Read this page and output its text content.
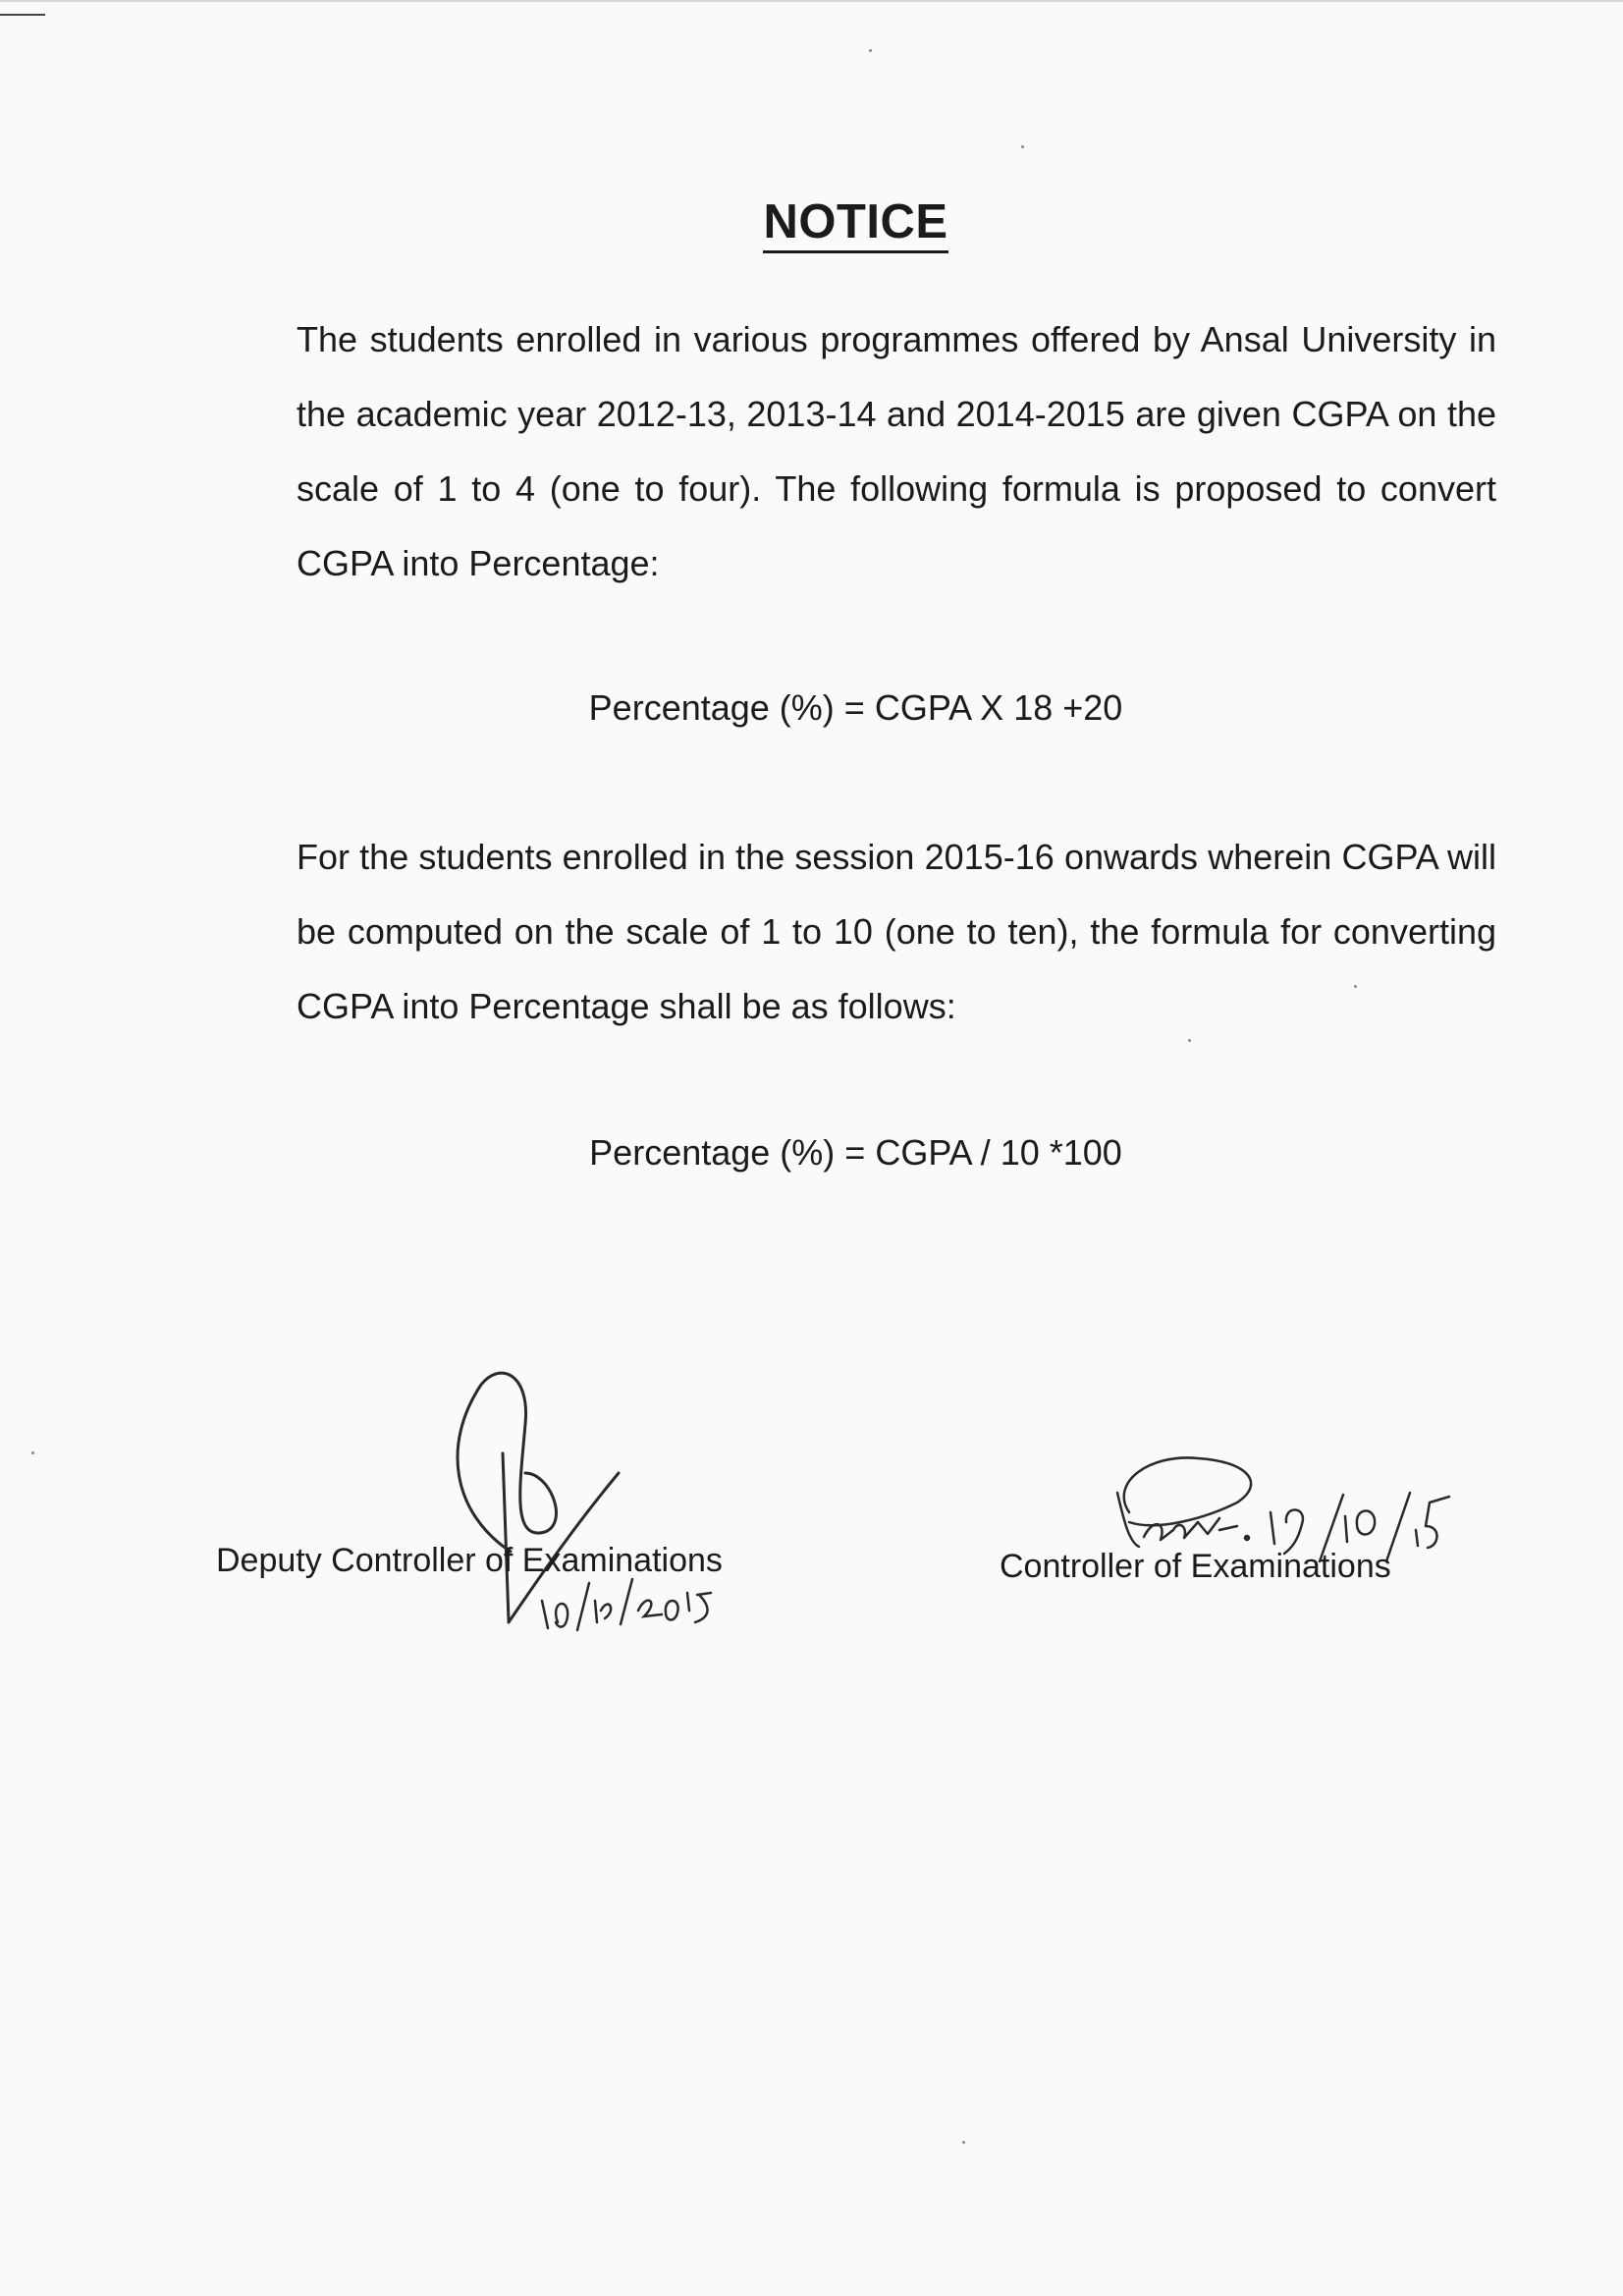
NOTICE
The students enrolled in various programmes offered by Ansal University in the academic year 2012-13, 2013-14 and 2014-2015 are given CGPA on the scale of 1 to 4 (one to four). The following formula is proposed to convert CGPA into Percentage:
Percentage (%) = CGPA X 18 +20
For the students enrolled in the session 2015-16 onwards wherein CGPA will be computed on the scale of 1 to 10 (one to ten), the formula for converting CGPA into Percentage shall be as follows:
Percentage (%) = CGPA / 10 *100
Deputy Controller of Examinations	Controller of Examinations
